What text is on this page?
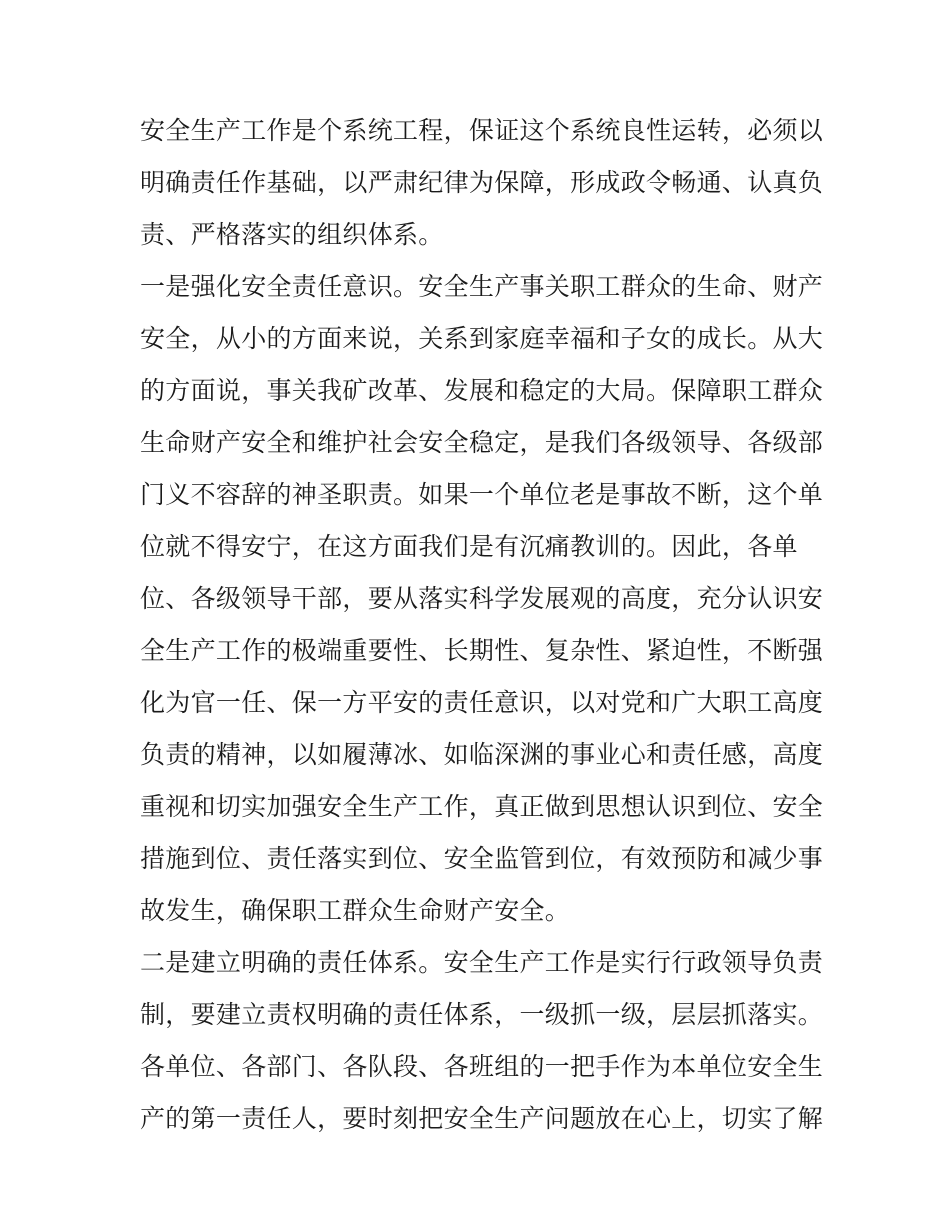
安全生产工作是个系统工程，保证这个系统良性运转，必须以
明确责任作基础，以严肃纪律为保障，形成政令畅通、认真负
责、严格落实的组织体系。
一是强化安全责任意识。安全生产事关职工群众的生命、财产
安全，从小的方面来说，关系到家庭幸福和子女的成长。从大
的方面说，事关我矿改革、发展和稳定的大局。保障职工群众
生命财产安全和维护社会安全稳定，是我们各级领导、各级部
门义不容辞的神圣职责。如果一个单位老是事故不断，这个单
位就不得安宁，在这方面我们是有沉痛教训的。因此，各单
位、各级领导干部，要从落实科学发展观的高度，充分认识安
全生产工作的极端重要性、长期性、复杂性、紧迫性，不断强
化为官一任、保一方平安的责任意识，以对党和广大职工高度
负责的精神，以如履薄冰、如临深渊的事业心和责任感，高度
重视和切实加强安全生产工作，真正做到思想认识到位、安全
措施到位、责任落实到位、安全监管到位，有效预防和减少事
故发生，确保职工群众生命财产安全。
二是建立明确的责任体系。安全生产工作是实行行政领导负责
制，要建立责权明确的责任体系，一级抓一级，层层抓落实。
各单位、各部门、各队段、各班组的一把手作为本单位安全生
产的第一责任人，要时刻把安全生产问题放在心上，切实了解
